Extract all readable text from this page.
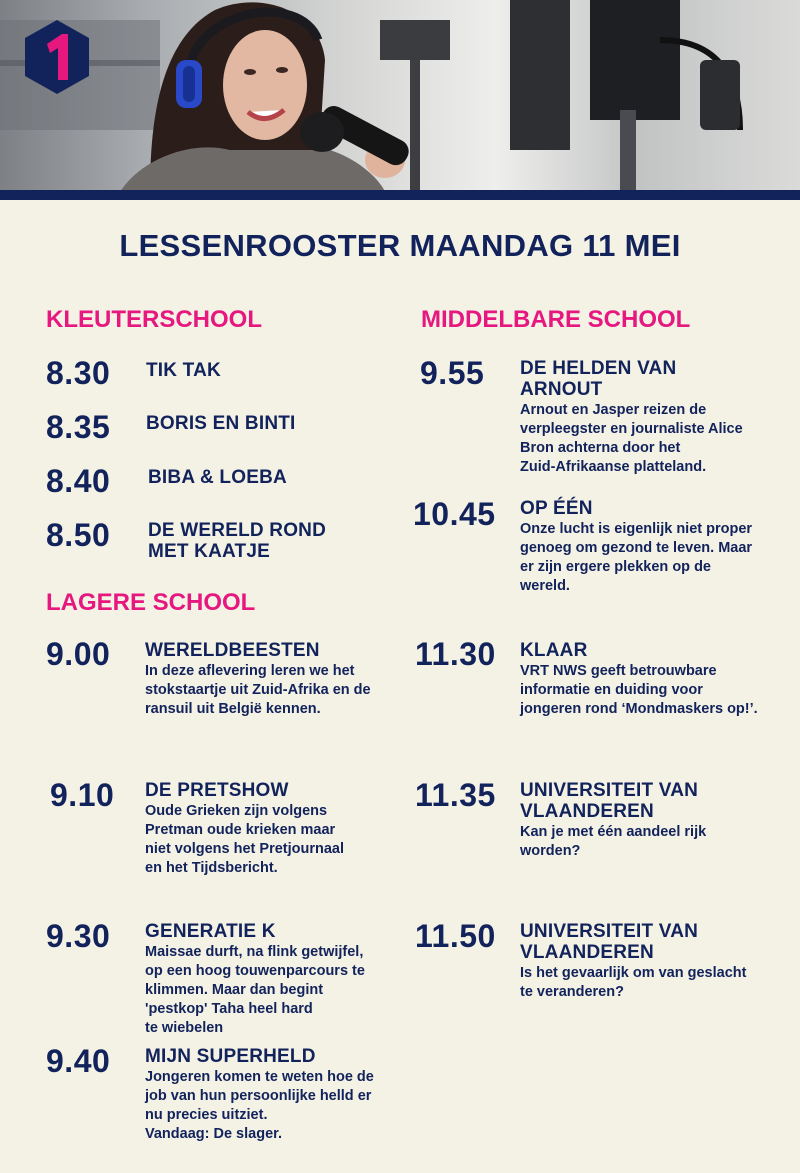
LESSENROOSTER MAANDAG 11 MEI
KLEUTERSCHOOL
8.30 TIK TAK
8.35 BORIS EN BINTI
8.40 BIBA & LOEBA
8.50 DE WERELD ROND
MET KAATJE
LAGERE SCHOOL
9.00 WERELDBEESTEN
In deze aflevering leren we het
stokstaartje uit Zuid-Afrika en de
ransuil uit België kennen.
9.10 DE PRETSHOW
Oude Grieken zijn volgens
Pretman oude krieken maar
niet volgens het Pretjournaal
en het Tijdsbericht.
9.30 GENERATIE K
Maissae durft, na flink getwijfel,
op een hoog touwenparcours te
klimmen. Maar dan begint
'pestkop' Taha heel hard
te wiebelen
9.40 MIJN SUPERHELD
Jongeren komen te weten hoe de
job van hun persoonlijke helld er
nu precies uitziet.
Vandaag: De slager.
MIDDELBARE SCHOOL
9.55 DE HELDEN VAN
ARNOUT
Arnout en Jasper reizen de
verpleegster en journaliste Alice
Bron achterna door het
Zuid-Afrikaanse platteland.
10.45 OP ÉÉN
Onze lucht is eigenlijk niet proper
genoeg om gezond te leven. Maar
er zijn ergere plekken op de
wereld.
11.30 KLAAR
VRT NWS geeft betrouwbare
informatie en duiding voor
jongeren rond ‘Mondmaskers op!’.
11.35 UNIVERSITEIT VAN
VLAANDEREN
Kan je met één aandeel rijk
worden?
11.50 UNIVERSITEIT VAN
VLAANDEREN
Is het gevaarlijk om van geslacht
te veranderen?
